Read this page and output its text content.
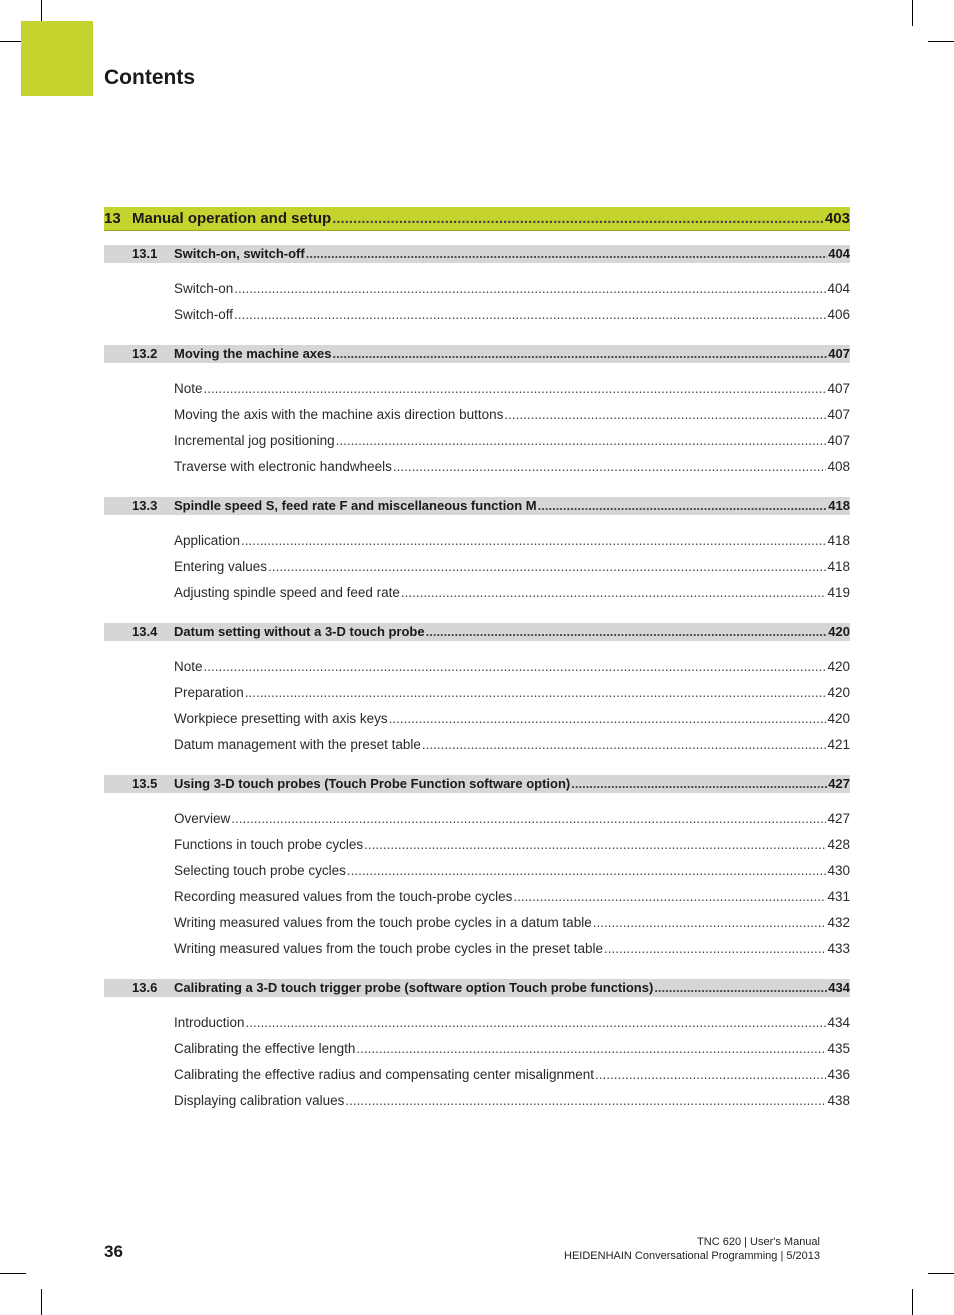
Contents
13 Manual operation and setup .....	403
13.1	Switch-on, switch-off .....	404
Switch-on .....	404
Switch-off .....	406
13.2	Moving the machine axes .....	407
Note .....	407
Moving the axis with the machine axis direction buttons .....	407
Incremental jog positioning .....	407
Traverse with electronic handwheels .....	408
13.3	Spindle speed S, feed rate F and miscellaneous function M .....	418
Application .....	418
Entering values .....	418
Adjusting spindle speed and feed rate .....	419
13.4	Datum setting without a 3-D touch probe .....	420
Note .....	420
Preparation .....	420
Workpiece presetting with axis keys .....	420
Datum management with the preset table .....	421
13.5	Using 3-D touch probes (Touch Probe Function software option) .....	427
Overview .....	427
Functions in touch probe cycles .....	428
Selecting touch probe cycles .....	430
Recording measured values from the touch-probe cycles .....	431
Writing measured values from the touch probe cycles in a datum table .....	432
Writing measured values from the touch probe cycles in the preset table .....	433
13.6	Calibrating a 3-D touch trigger probe (software option Touch probe functions) .....	434
Introduction .....	434
Calibrating the effective length .....	435
Calibrating the effective radius and compensating center misalignment .....	436
Displaying calibration values .....	438
36	TNC 620 | User's Manual
HEIDENHAIN Conversational Programming | 5/2013
